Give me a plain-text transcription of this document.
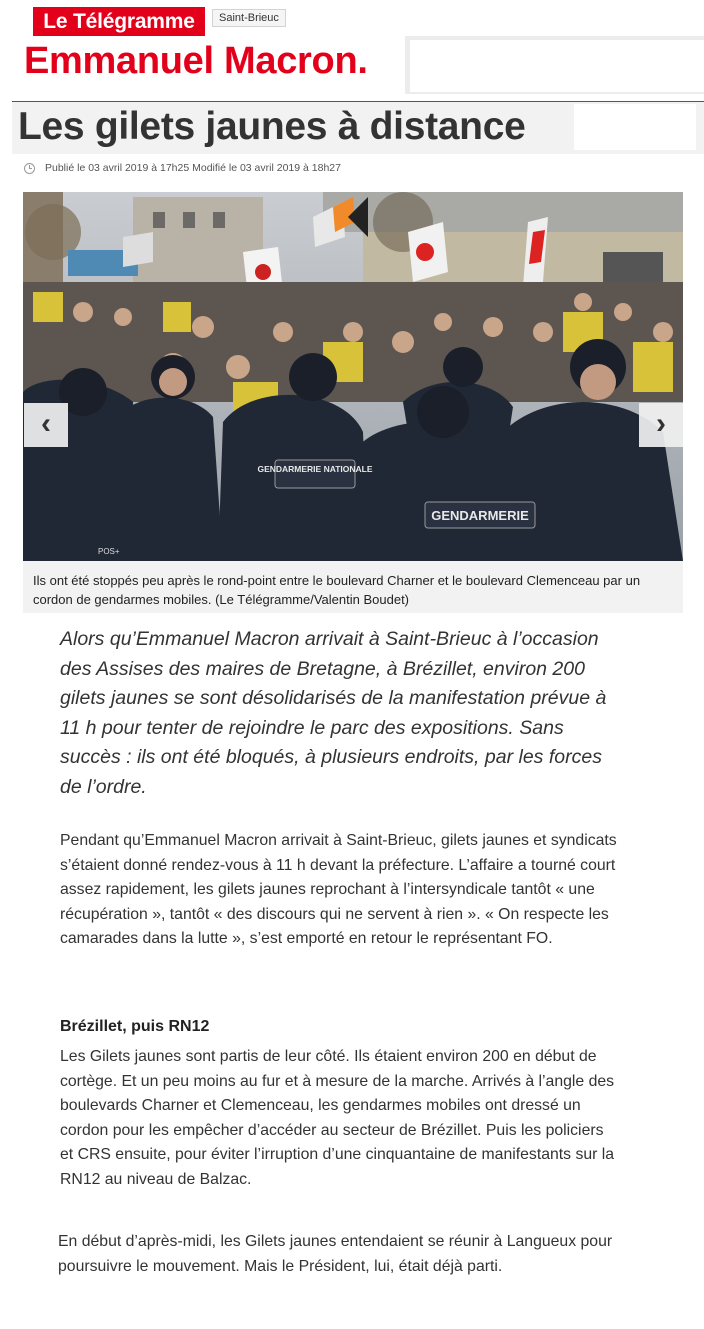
Le Télégramme	Saint-Brieuc
Emmanuel Macron.
Les gilets jaunes à distance
Publié le 03 avril 2019 à 17h25 Modifié le 03 avril 2019 à 18h27
GENDARMERIE NATIONALE
GENDARMERIE
POS+
‹	›
Ils ont été stoppés peu après le rond-point entre le boulevard Charner et le boulevard Clemenceau par un cordon de gendarmes mobiles. (Le Télégramme/Valentin Boudet)
Alors qu’Emmanuel Macron arrivait à Saint-Brieuc à l’occasion des Assises des maires de Bretagne, à Brézillet, environ 200 gilets jaunes se sont désolidarisés de la manifestation prévue à 11 h pour tenter de rejoindre le parc des expositions. Sans succès : ils ont été bloqués, à plusieurs endroits, par les forces de l’ordre.
Pendant qu’Emmanuel Macron arrivait à Saint-Brieuc, gilets jaunes et syndicats s’étaient donné rendez-vous à 11 h devant la préfecture. L’affaire a tourné court assez rapidement, les gilets jaunes reprochant à l’intersyndicale tantôt « une récupération », tantôt « des discours qui ne servent à rien ». « On respecte les camarades dans la lutte », s’est emporté en retour le représentant FO.
Brézillet, puis RN12
Les Gilets jaunes sont partis de leur côté. Ils étaient environ 200 en début de cortège. Et un peu moins au fur et à mesure de la marche. Arrivés à l’angle des boulevards Charner et Clemenceau, les gendarmes mobiles ont dressé un cordon pour les empêcher d’accéder au secteur de Brézillet. Puis les policiers et CRS ensuite, pour éviter l’irruption d’une cinquantaine de manifestants sur la RN12 au niveau de Balzac.
En début d’après-midi, les Gilets jaunes entendaient se réunir à Langueux pour poursuivre le mouvement. Mais le Président, lui, était déjà parti.
